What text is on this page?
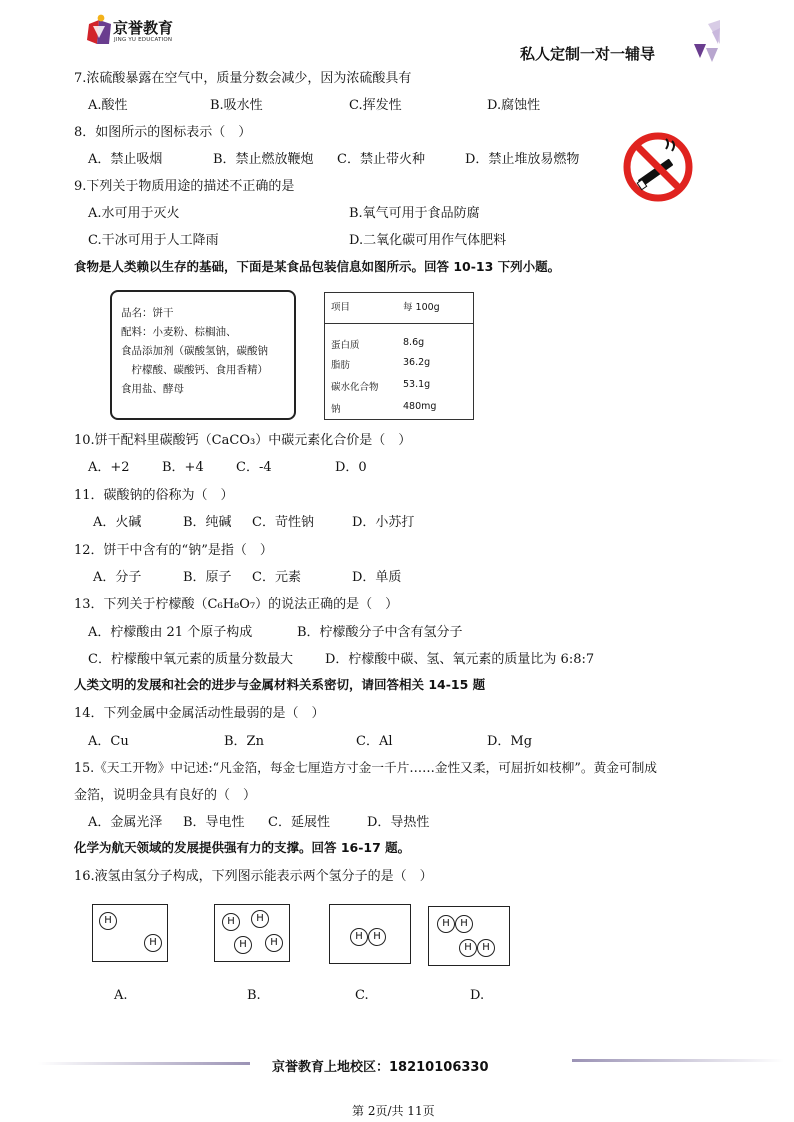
京誉教育
JING YU EDUCATION
私人定制一对一辅导
7.浓硫酸暴露在空气中，质量分数会减少，因为浓硫酸具有
A.酸性	B.吸水性	C.挥发性	D.腐蚀性
8．如图所示的图标表示（　）
A．禁止吸烟	B．禁止燃放鞭炮 C．禁止带火种	D．禁止堆放易燃物
9.下列关于物质用途的描述不正确的是
A.水可用于灭火	B.氧气可用于食品防腐
C.干冰可用于人工降雨	D.二氧化碳可用作气体肥料
食物是人类赖以生存的基础，下面是某食品包装信息如图所示。回答 10-13 下列小题。
品名：饼干
配料：小麦粉、棕榈油、
食品添加剂（碳酸氢钠，碳酸钠
　柠檬酸、碳酸钙、食用香精）
食用盐、酵母
项目	每 100g
蛋白质	8.6g
脂肪	36.2g
碳水化合物	53.1g
钠	480mg
10.饼干配料里碳酸钙（CaCO₃）中碳元素化合价是（　）
A．+2 B．+4 C．-4	D．0
11．碳酸钠的俗称为（　）
A．火碱	B．纯碱 C．苛性钠	D．小苏打
12．饼干中含有的“钠”是指（　）
A．分子	B．原子 C．元素	D．单质
13．下列关于柠檬酸（C₆H₈O₇）的说法正确的是（　）
A．柠檬酸由 21 个原子构成	B．柠檬酸分子中含有氢分子
C．柠檬酸中氧元素的质量分数最大 D．柠檬酸中碳、氢、氧元素的质量比为 6:8:7
人类文明的发展和社会的进步与金属材料关系密切，请回答相关 14-15 题
14．下列金属中金属活动性最弱的是（　）
A．Cu	B．Zn	C．Al	D．Mg
15.《天工开物》中记述:“凡金箔，每金七厘造方寸金一千片……金性又柔，可屈折如枝柳”。黄金可制成
金箔，说明金具有良好的（　）
A．金属光泽 B．导电性 C．延展性	D．导热性
化学为航天领域的发展提供强有力的支撑。回答 16-17 题。
16.液氢由氢分子构成，下列图示能表示两个氢分子的是（　）
H
H
H	H
H	H
H	H
H	H
H	H
A.	B.	C.	D.
京誉教育上地校区：18210106330
第 2页/共 11页
